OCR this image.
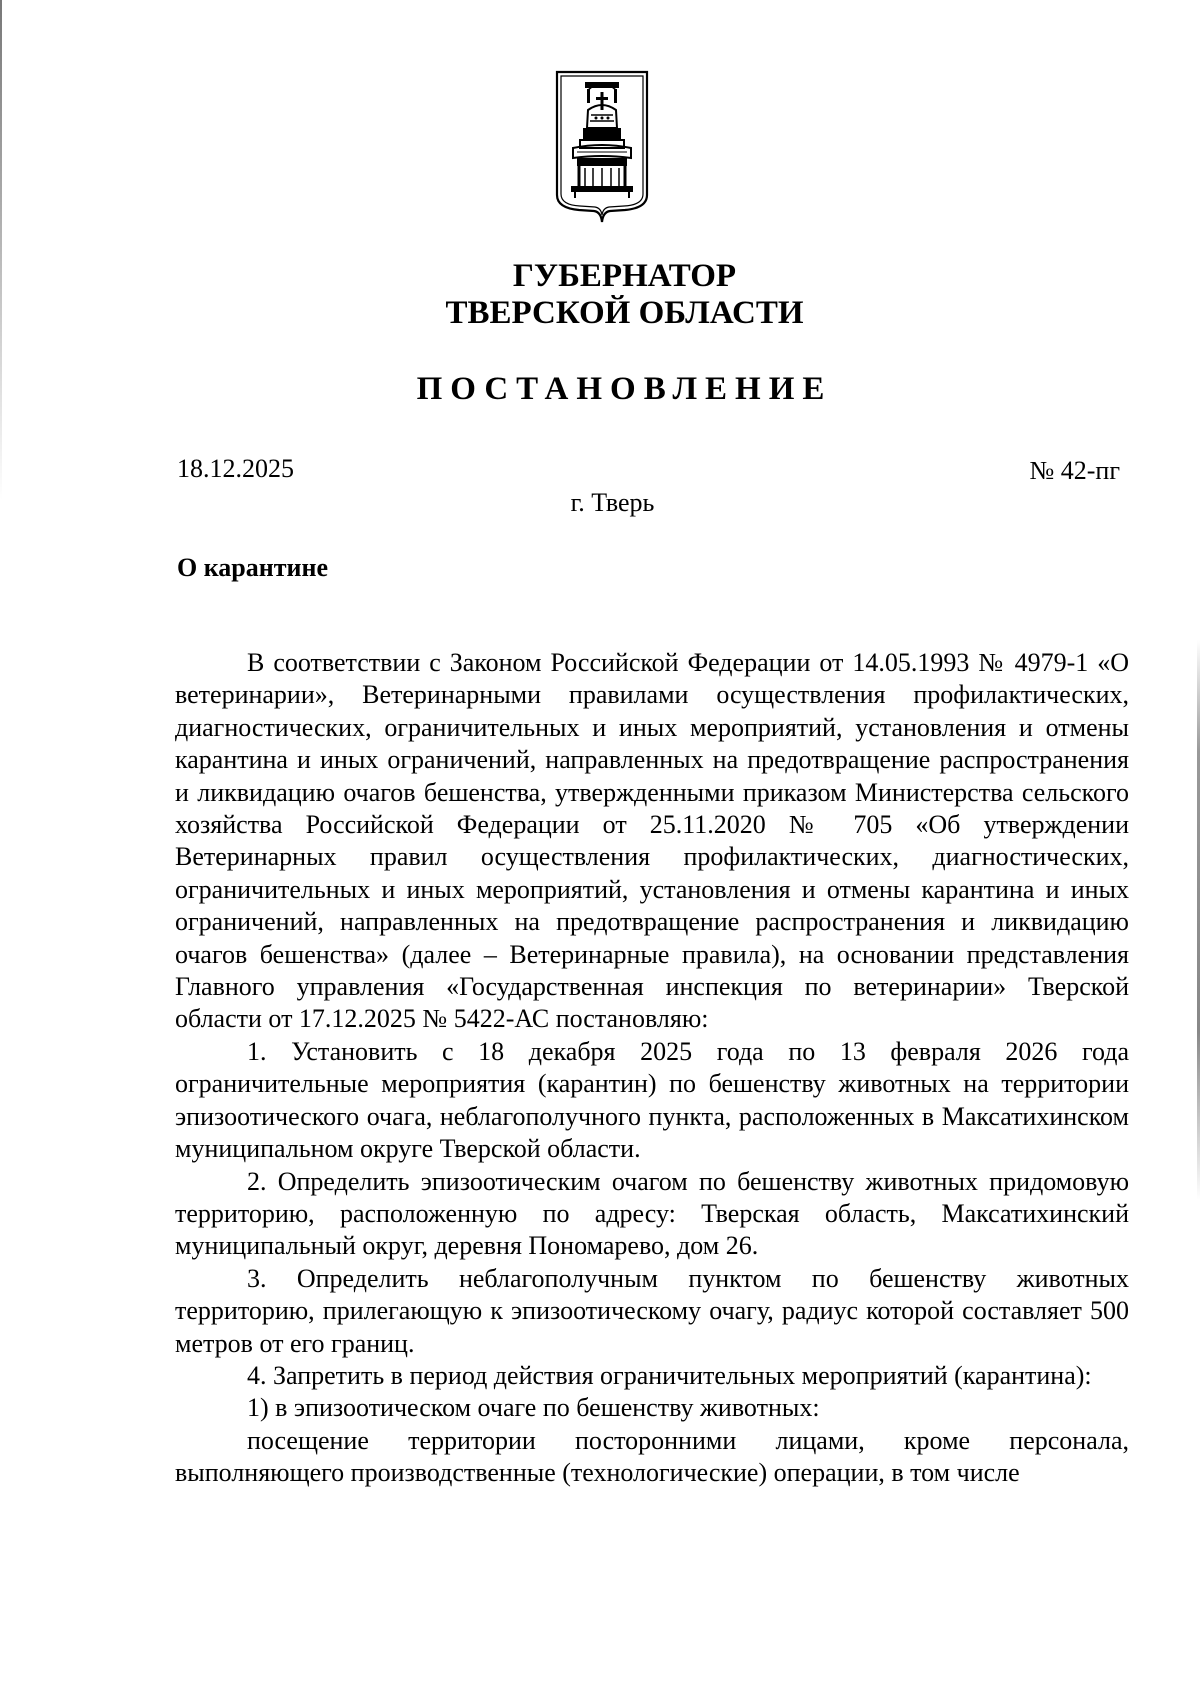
ГУБЕРНАТОР
ТВЕРСКОЙ ОБЛАСТИ
ПОСТАНОВЛЕНИЕ
18.12.2025	№ 42-пг
г. Тверь
О карантине

В соответствии с Законом Российской Федерации от 14.05.1993 № 4979-1 «О ветеринарии», Ветеринарными правилами осуществления профилактических, диагностических, ограничительных и иных мероприятий, установления и отмены карантина и иных ограничений, направленных на предотвращение распространения и ликвидацию очагов бешенства, утвержденными приказом Министерства сельского хозяйства Российской Федерации от 25.11.2020 № 705 «Об утверждении Ветеринарных правил осуществления профилактических, диагностических, ограничительных и иных мероприятий, установления и отмены карантина и иных ограничений, направленных на предотвращение распространения и ликвидацию очагов бешенства» (далее – Ветеринарные правила), на основании представления Главного управления «Государственная инспекция по ветеринарии» Тверской области от 17.12.2025 № 5422-АС постановляю:

1. Установить с 18 декабря 2025 года по 13 февраля 2026 года ограничительные мероприятия (карантин) по бешенству животных на территории эпизоотического очага, неблагополучного пункта, расположенных в Максатихинском муниципальном округе Тверской области.

2. Определить эпизоотическим очагом по бешенству животных придомовую территорию, расположенную по адресу: Тверская область, Максатихинский муниципальный округ, деревня Пономарево, дом 26.

3. Определить неблагополучным пунктом по бешенству животных территорию, прилегающую к эпизоотическому очагу, радиус которой составляет 500 метров от его границ.

4. Запретить в период действия ограничительных мероприятий (карантина):

1) в эпизоотическом очаге по бешенству животных:

посещение территории посторонними лицами, кроме персонала, выполняющего производственные (технологические) операции, в том числе
